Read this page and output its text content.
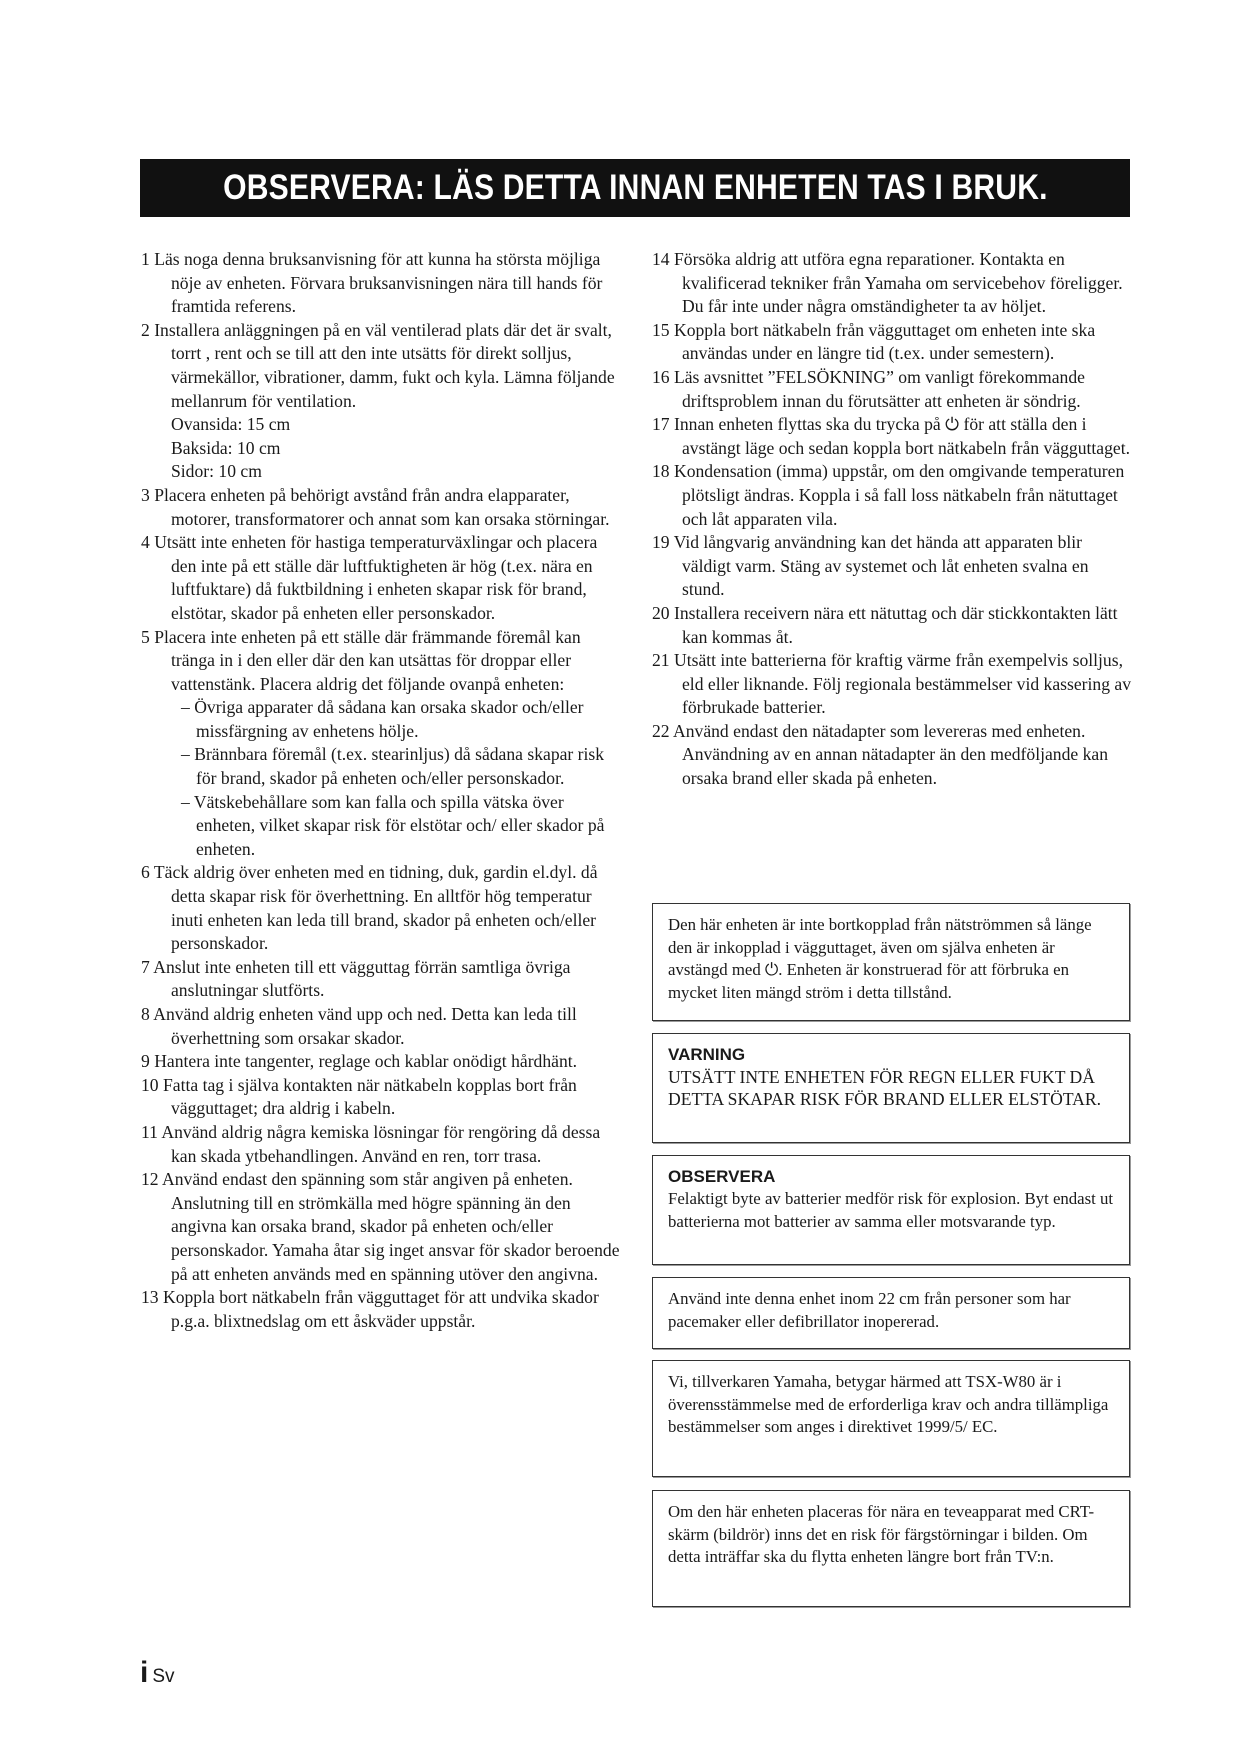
OBSERVERA: LÄS DETTA INNAN ENHETEN TAS I BRUK.

1 Läs noga denna bruksanvisning för att kunna ha största möjliga nöje av enheten. Förvara bruksanvisningen nära till hands för framtida referens.

2 Installera anläggningen på en väl ventilerad plats där det är svalt, torrt , rent och se till att den inte utsätts för direkt solljus, värmekällor, vibrationer, damm, fukt och kyla. Lämna följande mellanrum för ventilation.

Ovansida: 15 cm

Baksida: 10 cm

Sidor: 10 cm

3 Placera enheten på behörigt avstånd från andra elapparater, motorer, transformatorer och annat som kan orsaka störningar.

4 Utsätt inte enheten för hastiga temperaturväxlingar och placera den inte på ett ställe där luftfuktigheten är hög (t.ex. nära en luftfuktare) då fuktbildning i enheten skapar risk för brand, elstötar, skador på enheten eller personskador.

5 Placera inte enheten på ett ställe där främmande föremål kan tränga in i den eller där den kan utsättas för droppar eller vattenstänk. Placera aldrig det följande ovanpå enheten:

– Övriga apparater då sådana kan orsaka skador och/eller missfärgning av enhetens hölje.

– Brännbara föremål (t.ex. stearinljus) då sådana skapar risk för brand, skador på enheten och/eller personskador.

– Vätskebehållare som kan falla och spilla vätska över enheten, vilket skapar risk för elstötar och/ eller skador på enheten.

6 Täck aldrig över enheten med en tidning, duk, gardin el.dyl. då detta skapar risk för överhettning. En alltför hög temperatur inuti enheten kan leda till brand, skador på enheten och/eller personskador.

7 Anslut inte enheten till ett vägguttag förrän samtliga övriga anslutningar slutförts.

8 Använd aldrig enheten vänd upp och ned. Detta kan leda till överhettning som orsakar skador.

9 Hantera inte tangenter, reglage och kablar onödigt hårdhänt.

10 Fatta tag i själva kontakten när nätkabeln kopplas bort från vägguttaget; dra aldrig i kabeln.

11 Använd aldrig några kemiska lösningar för rengöring då dessa kan skada ytbehandlingen. Använd en ren, torr trasa.

12 Använd endast den spänning som står angiven på enheten. Anslutning till en strömkälla med högre spänning än den angivna kan orsaka brand, skador på enheten och/eller personskador. Yamaha åtar sig inget ansvar för skador beroende på att enheten används med en spänning utöver den angivna.

13 Koppla bort nätkabeln från vägguttaget för att undvika skador p.g.a. blixtnedslag om ett åskväder uppstår.

14 Försöka aldrig att utföra egna reparationer. Kontakta en kvalificerad tekniker från Yamaha om servicebehov föreligger. Du får inte under några omständigheter ta av höljet.

15 Koppla bort nätkabeln från vägguttaget om enheten inte ska användas under en längre tid (t.ex. under semestern).

16 Läs avsnittet ”FELSÖKNING” om vanligt förekommande driftsproblem innan du förutsätter att enheten är söndrig.

17 Innan enheten flyttas ska du trycka på ⏻ för att ställa den i avstängt läge och sedan koppla bort nätkabeln från vägguttaget.

18 Kondensation (imma) uppstår, om den omgivande temperaturen plötsligt ändras. Koppla i så fall loss nätkabeln från nätuttaget och låt apparaten vila.

19 Vid långvarig användning kan det hända att apparaten blir väldigt varm. Stäng av systemet och låt enheten svalna en stund.

20 Installera receivern nära ett nätuttag och där stickkontakten lätt kan kommas åt.

21 Utsätt inte batterierna för kraftig värme från exempelvis solljus, eld eller liknande. Följ regionala bestämmelser vid kassering av förbrukade batterier.

22 Använd endast den nätadapter som levereras med enheten. Användning av en annan nätadapter än den medföljande kan orsaka brand eller skada på enheten.

Den här enheten är inte bortkopplad från nätströmmen så länge den är inkopplad i vägguttaget, även om själva enheten är avstängd med ⏻. Enheten är konstruerad för att förbruka en mycket liten mängd ström i detta tillstånd.
VARNING
UTSÄTT INTE ENHETEN FÖR REGN ELLER FUKT DÅ DETTA SKAPAR RISK FÖR BRAND ELLER ELSTÖTAR.
OBSERVERA
Felaktigt byte av batterier medför risk för explosion. Byt endast ut batterierna mot batterier av samma eller motsvarande typ.
Använd inte denna enhet inom 22 cm från personer som har pacemaker eller defibrillator inopererad.
Vi, tillverkaren Yamaha, betygar härmed att TSX-W80 är i överensstämmelse med de erforderliga krav och andra tillämpliga bestämmelser som anges i direktivet 1999/5/ EC.
Om den här enheten placeras för nära en teveapparat med CRT-skärm (bildrör) inns det en risk för färgstörningar i bilden. Om detta inträffar ska du flytta enheten längre bort från TV:n.
i Sv
